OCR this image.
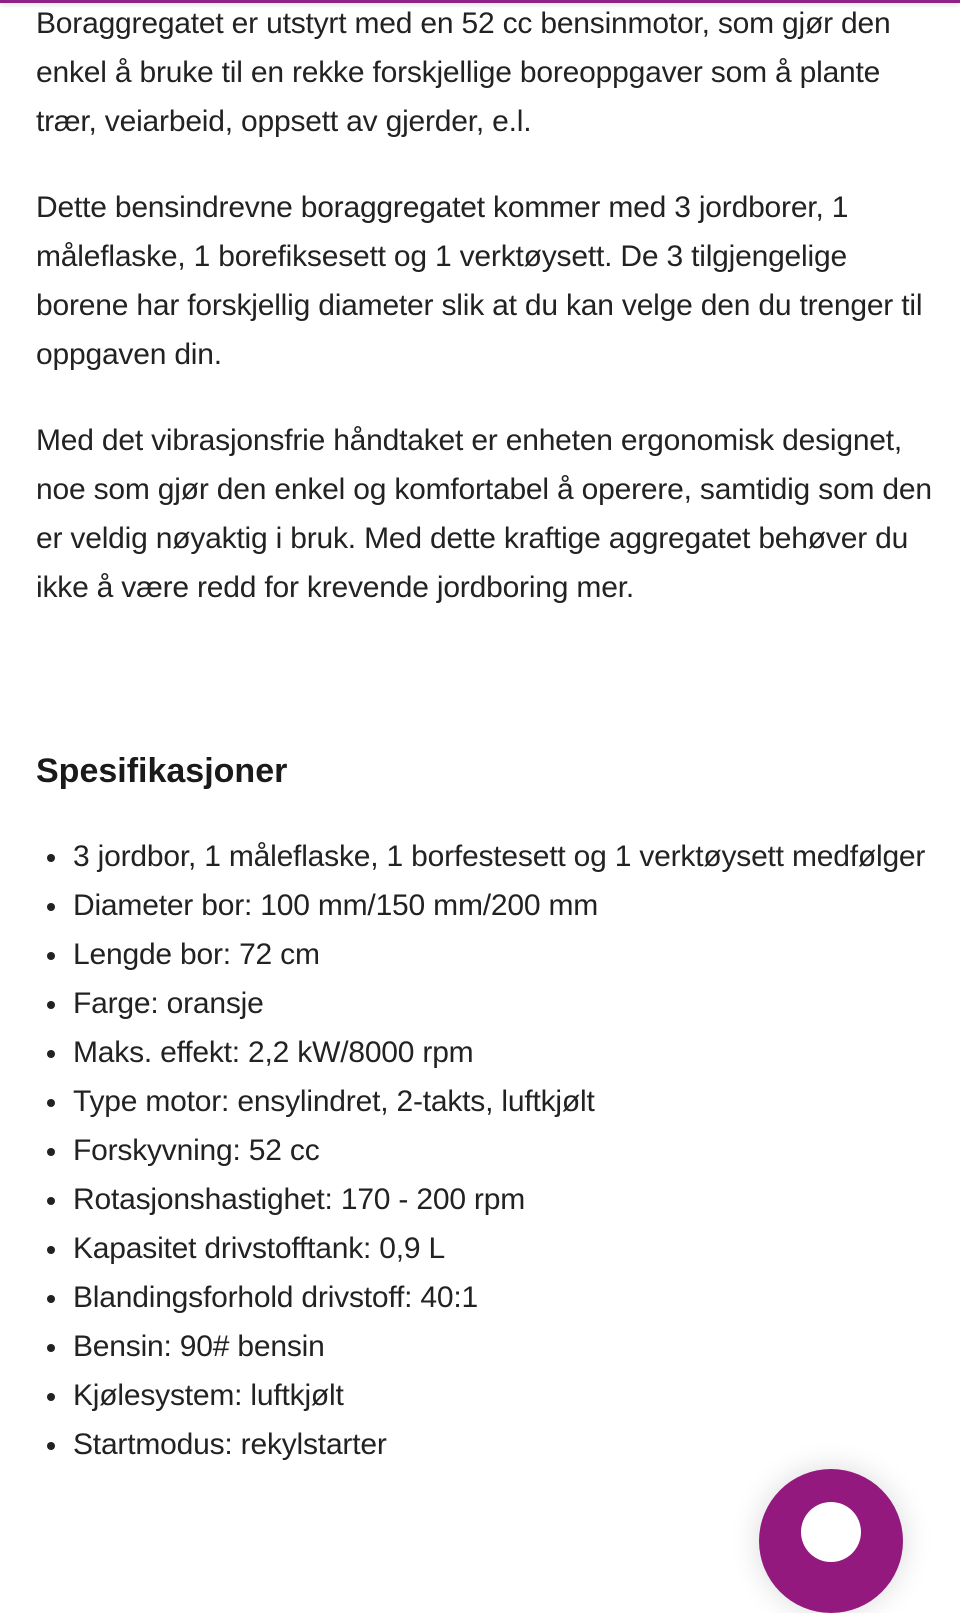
Boraggregatet er utstyrt med en 52 cc bensinmotor, som gjør den enkel å bruke til en rekke forskjellige boreoppgaver som å plante trær, veiarbeid, oppsett av gjerder, e.l.

Dette bensindrevne boraggregatet kommer med 3 jordborer, 1 måleflaske, 1 borefiksesett og 1 verktøysett. De 3 tilgjengelige borene har forskjellig diameter slik at du kan velge den du trenger til oppgaven din.

Med det vibrasjonsfrie håndtaket er enheten ergonomisk designet, noe som gjør den enkel og komfortabel å operere, samtidig som den er veldig nøyaktig i bruk. Med dette kraftige aggregatet behøver du ikke å være redd for krevende jordboring mer.

Spesifikasjoner
3 jordbor, 1 måleflaske, 1 borfestesett og 1 verktøysett medfølger
Diameter bor: 100 mm/150 mm/200 mm
Lengde bor: 72 cm
Farge: oransje
Maks. effekt: 2,2 kW/8000 rpm
Type motor: ensylindret, 2-takts, luftkjølt
Forskyvning: 52 cc
Rotasjonshastighet: 170 - 200 rpm
Kapasitet drivstofftank: 0,9 L
Blandingsforhold drivstoff: 40:1
Bensin: 90# bensin
Kjølesystem: luftkjølt
Startmodus: rekylstarter
